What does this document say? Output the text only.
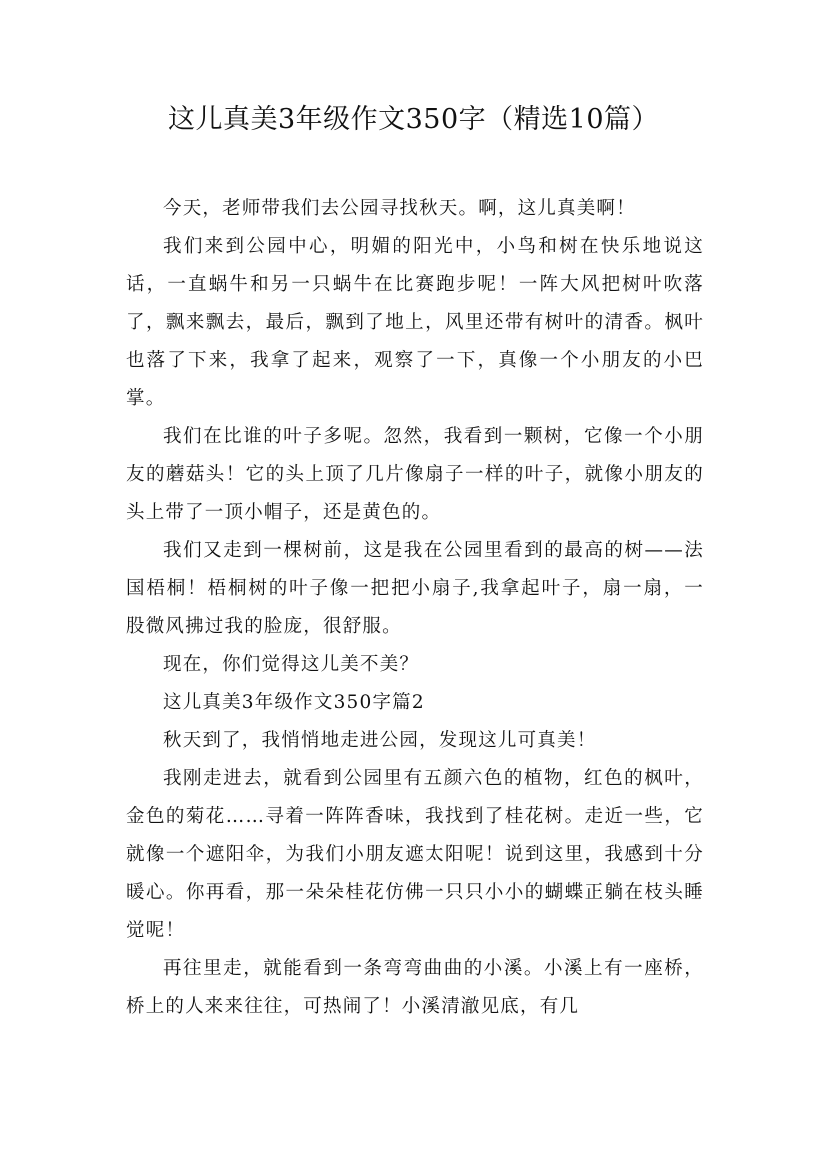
这儿真美3年级作文350字（精选10篇）

今天，老师带我们去公园寻找秋天。啊，这儿真美啊！

我们来到公园中心，明媚的阳光中，小鸟和树在快乐地说这话，一直蜗牛和另一只蜗牛在比赛跑步呢！一阵大风把树叶吹落了，飘来飘去，最后，飘到了地上，风里还带有树叶的清香。枫叶也落了下来，我拿了起来，观察了一下，真像一个小朋友的小巴掌。

我们在比谁的叶子多呢。忽然，我看到一颗树，它像一个小朋友的蘑菇头！它的头上顶了几片像扇子一样的叶子，就像小朋友的头上带了一顶小帽子，还是黄色的。

我们又走到一棵树前，这是我在公园里看到的最高的树——法国梧桐！梧桐树的叶子像一把把小扇子,我拿起叶子，扇一扇，一股微风拂过我的脸庞，很舒服。

现在，你们觉得这儿美不美？

这儿真美3年级作文350字篇2

秋天到了，我悄悄地走进公园，发现这儿可真美！

我刚走进去，就看到公园里有五颜六色的植物，红色的枫叶，金色的菊花……寻着一阵阵香味，我找到了桂花树。走近一些，它就像一个遮阳伞，为我们小朋友遮太阳呢！说到这里，我感到十分暖心。你再看，那一朵朵桂花仿佛一只只小小的蝴蝶正躺在枝头睡觉呢！

再往里走，就能看到一条弯弯曲曲的小溪。小溪上有一座桥，桥上的人来来往往，可热闹了！小溪清澈见底，有几
